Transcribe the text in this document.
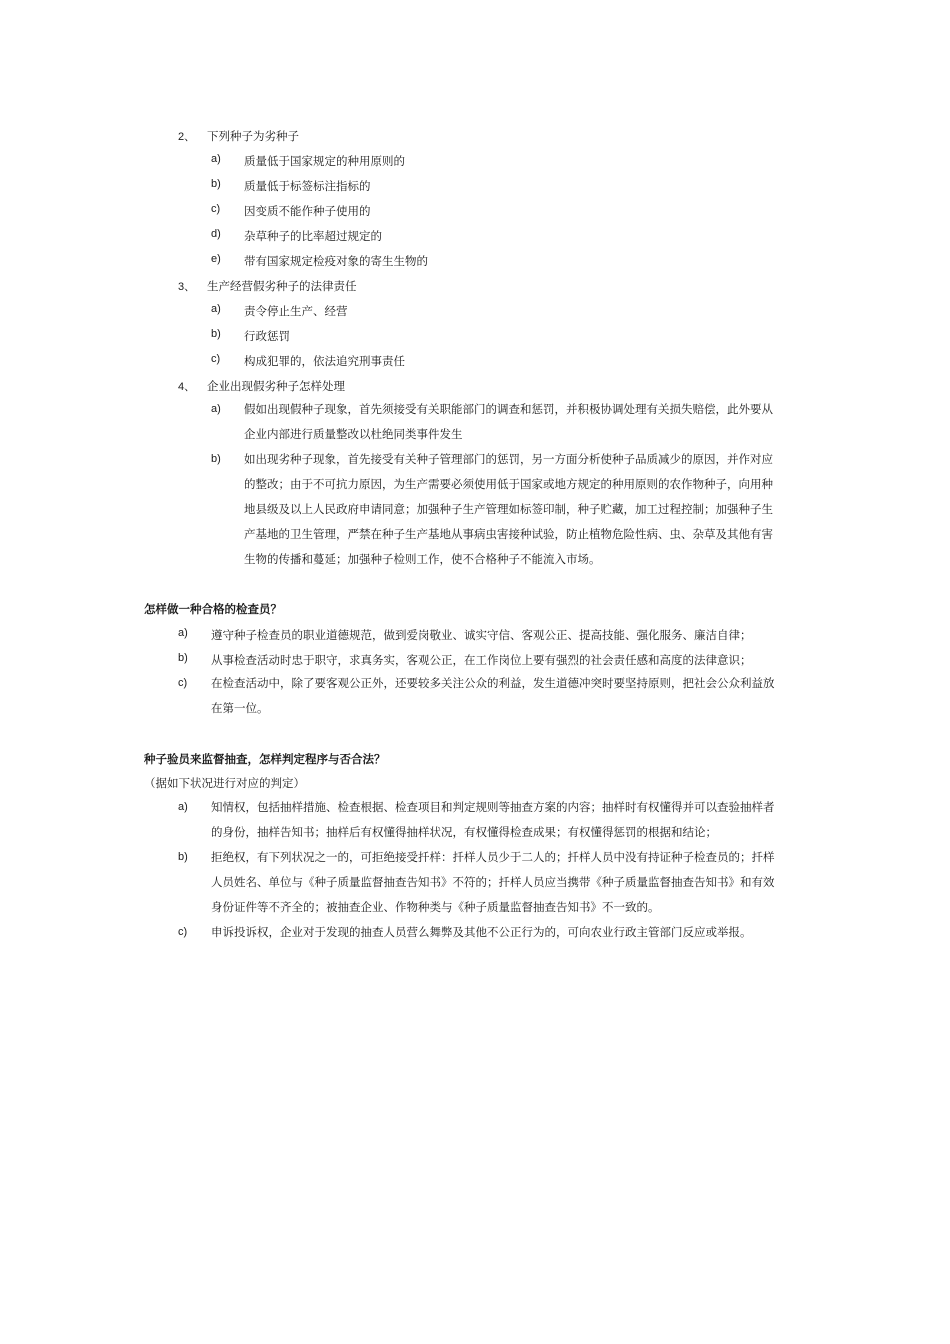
2、	下列种子为劣种子
a)	质量低于国家规定的种用原则的
b)	质量低于标签标注指标的
c)	因变质不能作种子使用的
d)	杂草种子的比率超过规定的
e)	带有国家规定检疫对象的寄生生物的
3、	生产经营假劣种子的法律责任
a)	责令停止生产、经营
b)	行政惩罚
c)	构成犯罪的，依法追究刑事责任
4、	企业出现假劣种子怎样处理
a)	假如出现假种子现象，首先须接受有关职能部门的调查和惩罚，并积极协调处理有关损失赔偿，此外要从
企业内部进行质量整改以杜绝同类事件发生
b)	如出现劣种子现象，首先接受有关种子管理部门的惩罚，另一方面分析使种子品质减少的原因，并作对应
的整改；由于不可抗力原因，为生产需要必须使用低于国家或地方规定的种用原则的农作物种子，向用种
地县级及以上人民政府申请同意；加强种子生产管理如标签印制，种子贮藏，加工过程控制；加强种子生
产基地的卫生管理，严禁在种子生产基地从事病虫害接种试验，防止植物危险性病、虫、杂草及其他有害
生物的传播和蔓延；加强种子检则工作，使不合格种子不能流入市场。
怎样做一种合格的检查员？
a)	遵守种子检查员的职业道德规范，做到爱岗敬业、诚实守信、客观公正、提高技能、强化服务、廉洁自律；
b)	从事检查活动时忠于职守，求真务实，客观公正，在工作岗位上要有强烈的社会责任感和高度的法律意识；
c)	在检查活动中，除了要客观公正外，还要较多关注公众的利益，发生道德冲突时要坚持原则，把社会公众利益放
在第一位。
种子验员来监督抽查，怎样判定程序与否合法？
（据如下状况进行对应的判定）
a)	知情权，包括抽样措施、检查根据、检查项目和判定规则等抽查方案的内容；抽样时有权懂得并可以查验抽样者
的身份，抽样告知书；抽样后有权懂得抽样状况，有权懂得检查成果；有权懂得惩罚的根据和结论；
b)	拒绝权，有下列状况之一的，可拒绝接受扦样：扦样人员少于二人的；扦样人员中没有持证种子检查员的；扦样
人员姓名、单位与《种子质量监督抽查告知书》不符的；扦样人员应当携带《种子质量监督抽查告知书》和有效
身份证件等不齐全的；被抽查企业、作物种类与《种子质量监督抽查告知书》不一致的。
c)	申诉投诉权，企业对于发现的抽查人员营么舞弊及其他不公正行为的，可向农业行政主管部门反应或举报。
